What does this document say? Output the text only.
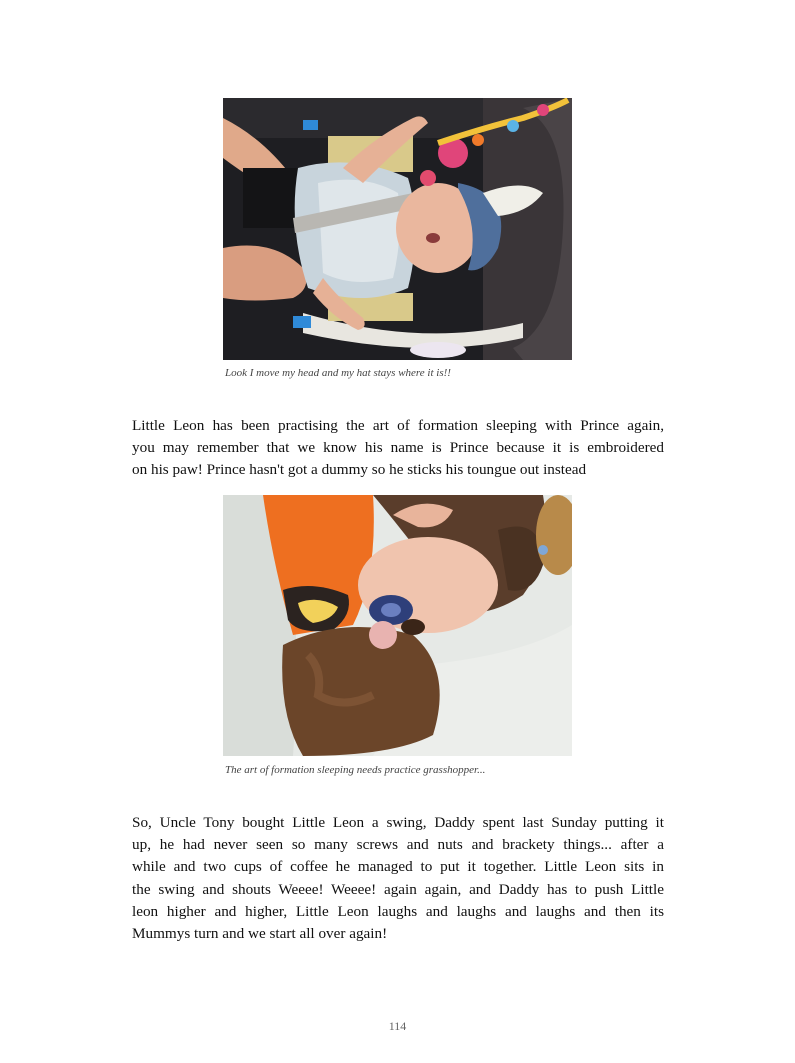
Look I move my head and my hat stays where it is!!
Little Leon has been practising the art of formation sleeping with Prince again,
you may remember that we know his name is Prince because it is embroidered
on his paw! Prince hasn't got a dummy so he sticks his toungue out instead
The art of formation sleeping needs practice grasshopper...
So, Uncle Tony bought Little Leon a swing, Daddy spent last Sunday putting it
up, he had never seen so many screws and nuts and brackety things... after a
while and two cups of coffee he managed to put it together. Little Leon sits in
the swing and shouts Weeee! Weeee! again again, and Daddy has to push Little
leon higher and higher, Little Leon laughs and laughs and laughs and then its
Mummys turn and we start all over again!
114
